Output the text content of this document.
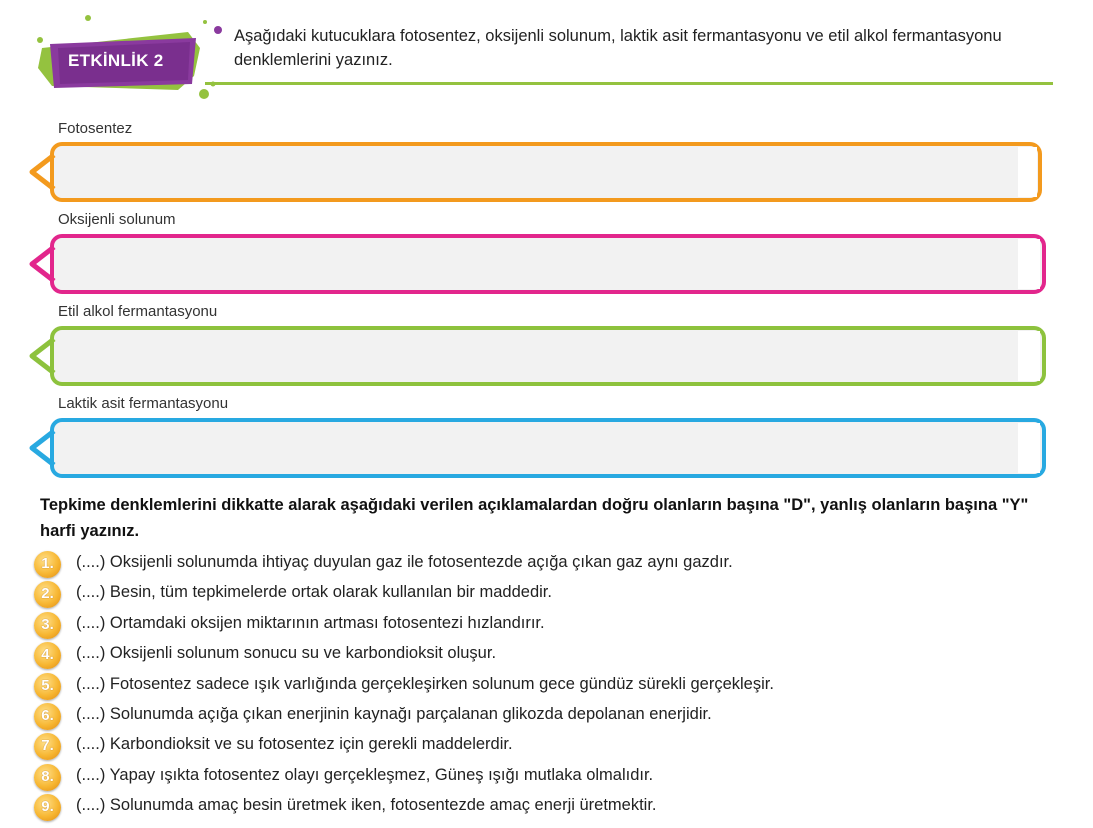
ETKİNLİK 2
Aşağıdaki kutucuklara fotosentez, oksijenli solunum, laktik asit fermantasyonu ve etil alkol fermantasyonu denklemlerini yazınız.
Fotosentez
Oksijenli solunum
Etil alkol fermantasyonu
Laktik asit fermantasyonu
Tepkime denklemlerini dikkatte alarak aşağıdaki verilen açıklamalardan doğru olanların başına "D", yanlış olanların başına "Y" harfi yazınız.
1.	(....) Oksijenli solunumda ihtiyaç duyulan gaz ile fotosentezde açığa çıkan gaz aynı gazdır.
2.	(....) Besin, tüm tepkimelerde ortak olarak kullanılan bir maddedir.
3.	(....) Ortamdaki oksijen miktarının artması fotosentezi hızlandırır.
4.	(....) Oksijenli solunum sonucu su ve karbondioksit oluşur.
5.	(....) Fotosentez sadece ışık varlığında gerçekleşirken solunum gece gündüz sürekli gerçekleşir.
6.	(....) Solunumda açığa çıkan enerjinin kaynağı parçalanan glikozda depolanan enerjidir.
7.	(....) Karbondioksit ve su fotosentez için gerekli maddelerdir.
8.	(....) Yapay ışıkta fotosentez olayı gerçekleşmez, Güneş ışığı mutlaka olmalıdır.
9.	(....) Solunumda amaç besin üretmek iken, fotosentezde amaç enerji üretmektir.
